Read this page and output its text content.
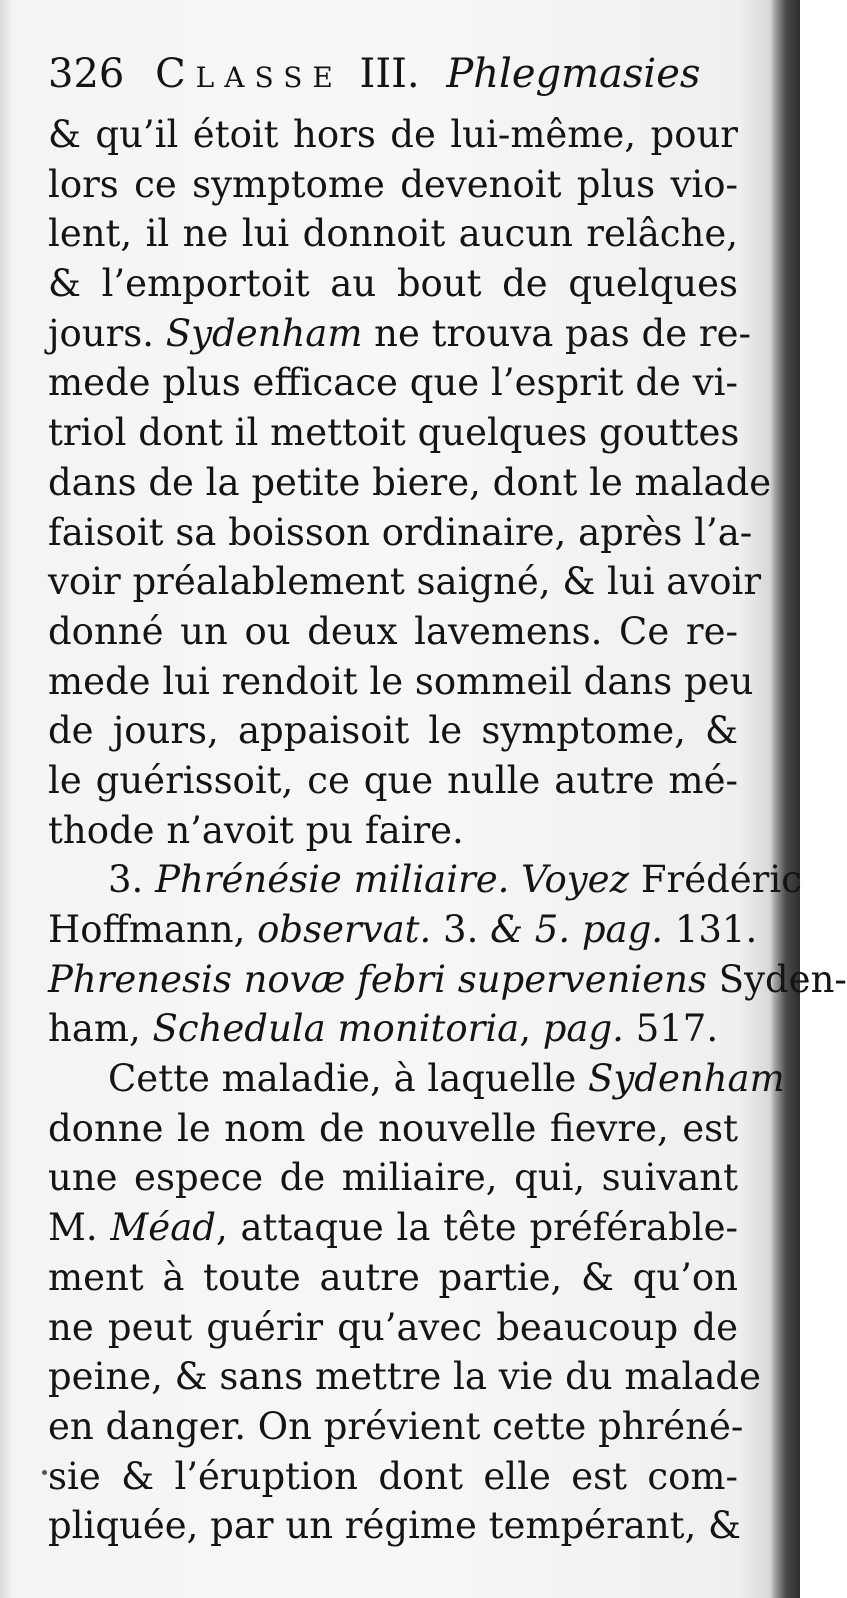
326 Classe III. Phlegmasies
& qu’il étoit hors de lui-même, pour
lors ce symptome devenoit plus vio-
lent, il ne lui donnoit aucun relâche,
& l’emportoit au bout de quelques
jours. Sydenham ne trouva pas de re-
mede plus efficace que l’esprit de vi-
triol dont il mettoit quelques gouttes
dans de la petite biere, dont le malade
faisoit sa boisson ordinaire, après l’a-
voir préalablement saigné, & lui avoir
donné un ou deux lavemens. Ce re-
mede lui rendoit le sommeil dans peu
de jours, appaisoit le symptome, &
le guérissoit, ce que nulle autre mé-
thode n’avoit pu faire.
3. Phrénésie miliaire. Voyez Frédéric
Hoffmann, observat. 3. & 5. pag. 131.
Phrenesis novæ febri superveniens Syden-
ham, Schedula monitoria, pag. 517.
Cette maladie, à laquelle Sydenham
donne le nom de nouvelle fievre, est
une espece de miliaire, qui, suivant
M. Méad, attaque la tête préférable-
ment à toute autre partie, & qu’on
ne peut guérir qu’avec beaucoup de
peine, & sans mettre la vie du malade
en danger. On prévient cette phréné-
sie & l’éruption dont elle est com-
pliquée, par un régime tempérant, &
